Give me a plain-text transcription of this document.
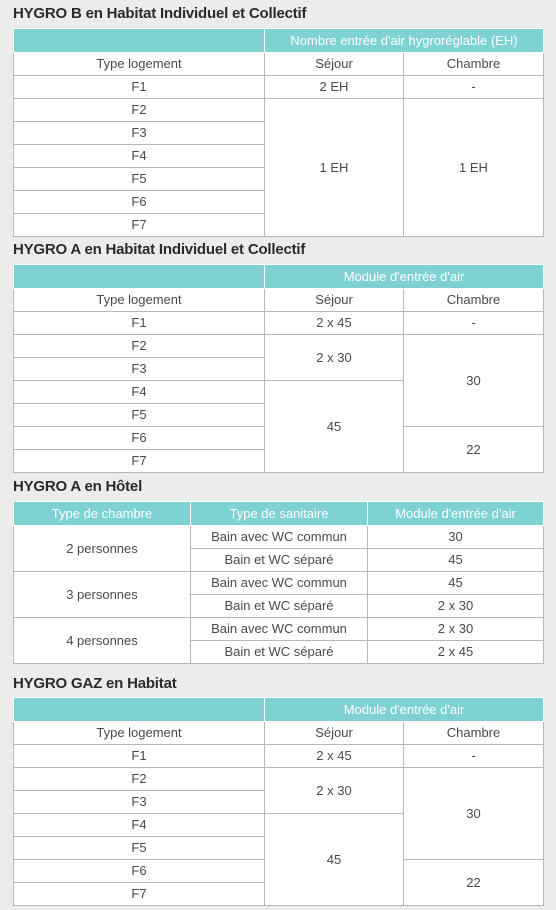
HYGRO B en Habitat Individuel et Collectif
	Nombre entrée d'air hygroréglable (EH)	
Type logement	Séjour	Chambre
F1	2 EH	-
F2	1 EH	1 EH
F3		
F4		
F5		
F6		
F7		
HYGRO A en Habitat Individuel et Collectif
	Module d'entrée d'air	
Type logement	Séjour	Chambre
F1	2 x 45	-
F2	2 x 30	30
F3		
F4	45	
F5		
F6		22
F7		
HYGRO A en Hôtel
Type de chambre	Type de sanitaire	Module d'entrée d'air
2 personnes	Bain avec WC commun	30
	Bain et WC séparé	45
3 personnes	Bain avec WC commun	45
	Bain et WC séparé	2 x 30
4 personnes	Bain avec WC commun	2 x 30
	Bain et WC séparé	2 x 45
HYGRO GAZ en Habitat
	Module d'entrée d'air	
Type logement	Séjour	Chambre
F1	2 x 45	-
F2	2 x 30	30
F3		
F4	45	
F5		
F6		22
F7		
